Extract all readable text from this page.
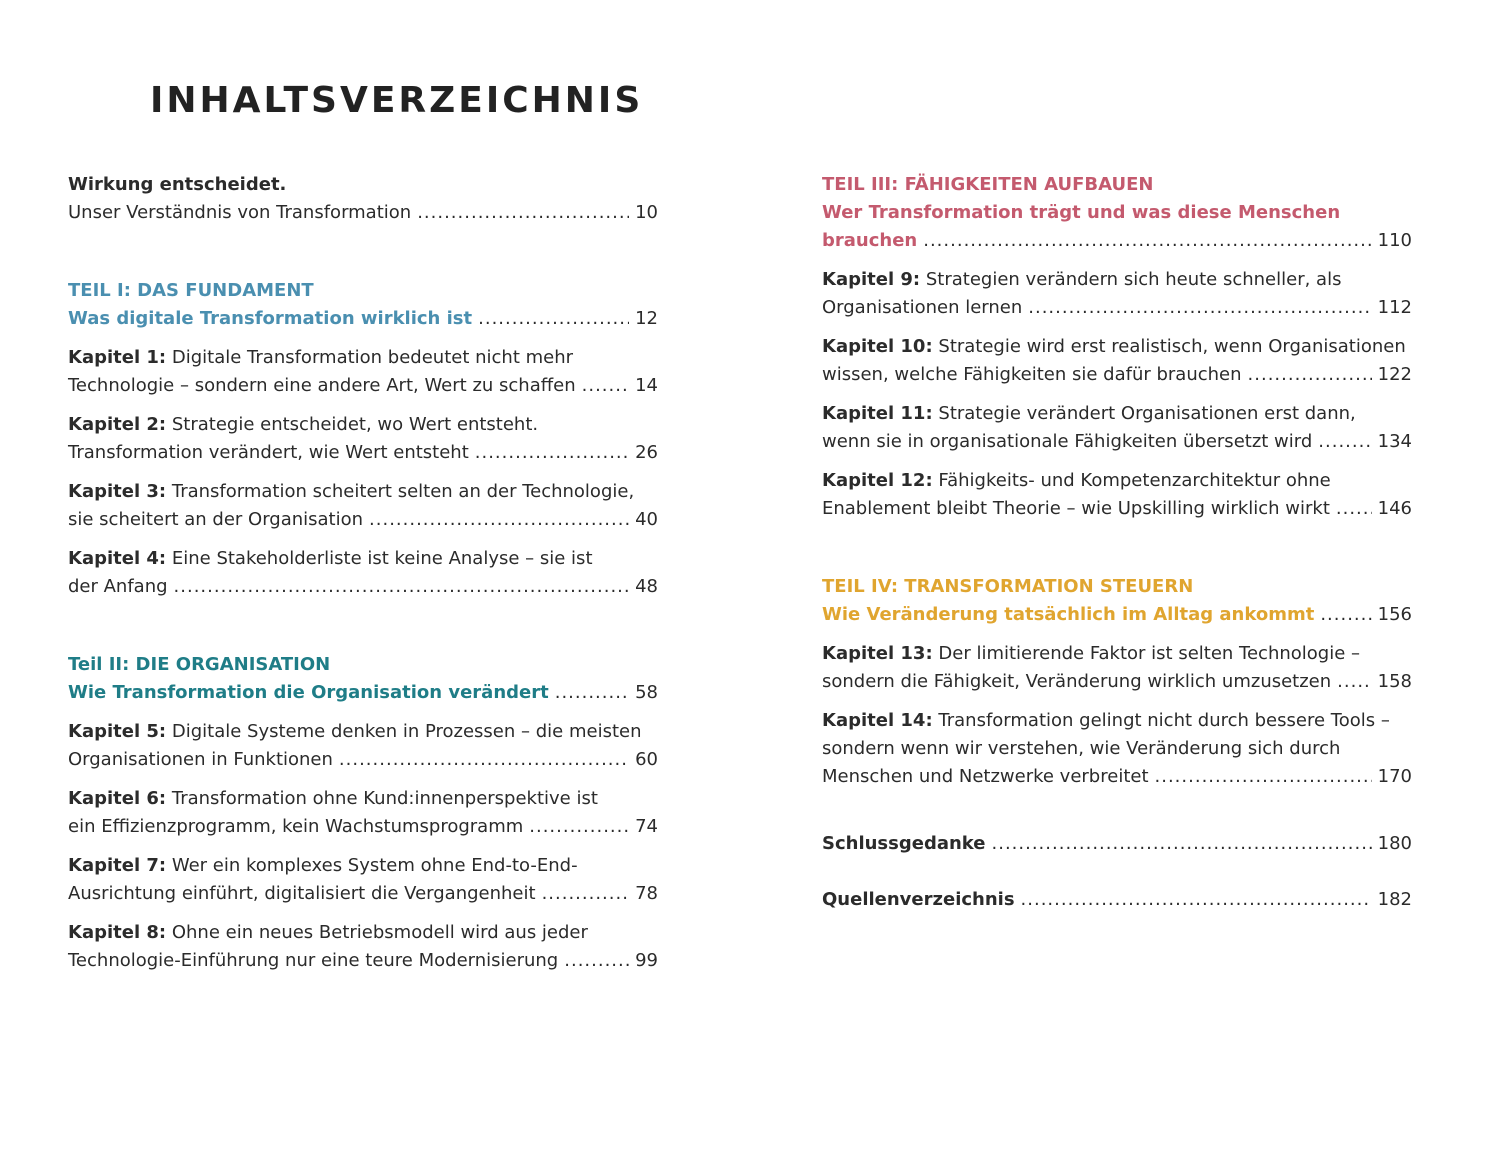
INHALTSVERZEICHNIS
Wirkung entscheidet.
Unser Verständnis von Transformation .....	10
TEIL I: DAS FUNDAMENT
Was digitale Transformation wirklich ist .....	12
Kapitel 1: Digitale Transformation bedeutet nicht mehr
Technologie – sondern eine andere Art, Wert zu schaffen .....	14
Kapitel 2: Strategie entscheidet, wo Wert entsteht.
Transformation verändert, wie Wert entsteht .....	26
Kapitel 3: Transformation scheitert selten an der Technologie,
sie scheitert an der Organisation .....	40
Kapitel 4: Eine Stakeholderliste ist keine Analyse – sie ist
der Anfang .....	48
Teil II: DIE ORGANISATION
Wie Transformation die Organisation verändert .....	58
Kapitel 5: Digitale Systeme denken in Prozessen – die meisten
Organisationen in Funktionen .....	60
Kapitel 6: Transformation ohne Kund:innenperspektive ist
ein Effizienzprogramm, kein Wachstumsprogramm .....	74
Kapitel 7: Wer ein komplexes System ohne End-to-End-
Ausrichtung einführt, digitalisiert die Vergangenheit .....	78
Kapitel 8: Ohne ein neues Betriebsmodell wird aus jeder
Technologie-Einführung nur eine teure Modernisierung .....	99
TEIL III: FÄHIGKEITEN AUFBAUEN
Wer Transformation trägt und was diese Menschen
brauchen .....	110
Kapitel 9: Strategien verändern sich heute schneller, als
Organisationen lernen .....	112
Kapitel 10: Strategie wird erst realistisch, wenn Organisationen
wissen, welche Fähigkeiten sie dafür brauchen .....	122
Kapitel 11: Strategie verändert Organisationen erst dann,
wenn sie in organisationale Fähigkeiten übersetzt wird .....	134
Kapitel 12: Fähigkeits- und Kompetenzarchitektur ohne
Enablement bleibt Theorie – wie Upskilling wirklich wirkt .....	146
TEIL IV: TRANSFORMATION STEUERN
Wie Veränderung tatsächlich im Alltag ankommt .....	156
Kapitel 13: Der limitierende Faktor ist selten Technologie –
sondern die Fähigkeit, Veränderung wirklich umzusetzen .....	158
Kapitel 14: Transformation gelingt nicht durch bessere Tools –
sondern wenn wir verstehen, wie Veränderung sich durch
Menschen und Netzwerke verbreitet .....	170
Schlussgedanke .....	180
Quellenverzeichnis .....	182
